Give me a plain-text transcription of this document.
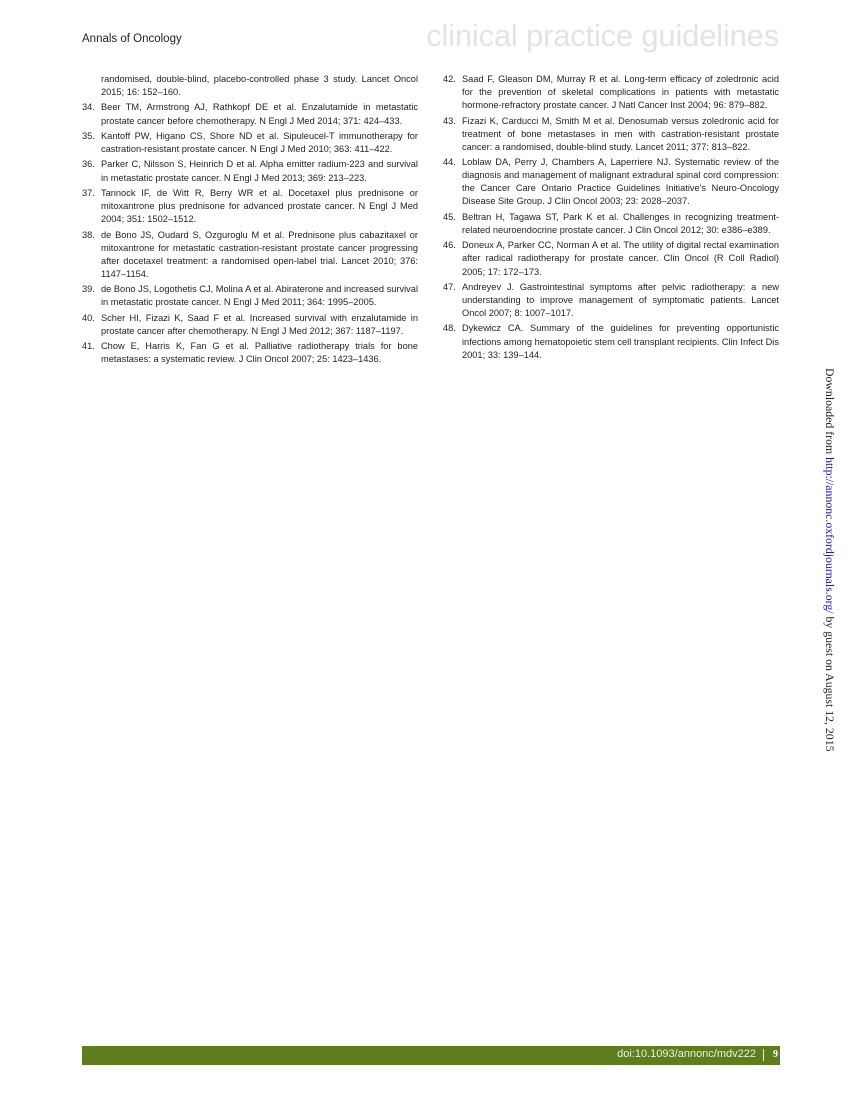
Annals of Oncology	clinical practice guidelines
randomised, double-blind, placebo-controlled phase 3 study. Lancet Oncol 2015; 16: 152–160.
34. Beer TM, Armstrong AJ, Rathkopf DE et al. Enzalutamide in metastatic prostate cancer before chemotherapy. N Engl J Med 2014; 371: 424–433.
35. Kantoff PW, Higano CS, Shore ND et al. Sipuleucel-T immunotherapy for castration-resistant prostate cancer. N Engl J Med 2010; 363: 411–422.
36. Parker C, Nilsson S, Heinrich D et al. Alpha emitter radium-223 and survival in metastatic prostate cancer. N Engl J Med 2013; 369: 213–223.
37. Tannock IF, de Witt R, Berry WR et al. Docetaxel plus prednisone or mitoxantrone plus prednisone for advanced prostate cancer. N Engl J Med 2004; 351: 1502–1512.
38. de Bono JS, Oudard S, Ozguroglu M et al. Prednisone plus cabazitaxel or mitoxantrone for metastatic castration-resistant prostate cancer progressing after docetaxel treatment: a randomised open-label trial. Lancet 2010; 376: 1147–1154.
39. de Bono JS, Logothetis CJ, Molina A et al. Abiraterone and increased survival in metastatic prostate cancer. N Engl J Med 2011; 364: 1995–2005.
40. Scher HI, Fizazi K, Saad F et al. Increased survival with enzalutamide in prostate cancer after chemotherapy. N Engl J Med 2012; 367: 1187–1197.
41. Chow E, Harris K, Fan G et al. Palliative radiotherapy trials for bone metastases: a systematic review. J Clin Oncol 2007; 25: 1423–1436.
42. Saad F, Gleason DM, Murray R et al. Long-term efficacy of zoledronic acid for the prevention of skeletal complications in patients with metastatic hormone-refractory prostate cancer. J Natl Cancer Inst 2004; 96: 879–882.
43. Fizazi K, Carducci M, Smith M et al. Denosumab versus zoledronic acid for treatment of bone metastases in men with castration-resistant prostate cancer: a randomised, double-blind study. Lancet 2011; 377: 813–822.
44. Loblaw DA, Perry J, Chambers A, Laperriere NJ. Systematic review of the diagnosis and management of malignant extradural spinal cord compression: the Cancer Care Ontario Practice Guidelines Initiative's Neuro-Oncology Disease Site Group. J Clin Oncol 2003; 23: 2028–2037.
45. Beltran H, Tagawa ST, Park K et al. Challenges in recognizing treatment-related neuroendocrine prostate cancer. J Clin Oncol 2012; 30: e386–e389.
46. Doneux A, Parker CC, Norman A et al. The utility of digital rectal examination after radical radiotherapy for prostate cancer. Clin Oncol (R Coll Radiol) 2005; 17: 172–173.
47. Andreyev J. Gastrointestinal symptoms after pelvic radiotherapy: a new understanding to improve management of symptomatic patients. Lancet Oncol 2007; 8: 1007–1017.
48. Dykewicz CA. Summary of the guidelines for preventing opportunistic infections among hematopoietic stem cell transplant recipients. Clin Infect Dis 2001; 33: 139–144.
Downloaded from http://annonc.oxfordjournals.org/ by guest on August 12, 2015
doi:10.1093/annonc/mdv222 9
